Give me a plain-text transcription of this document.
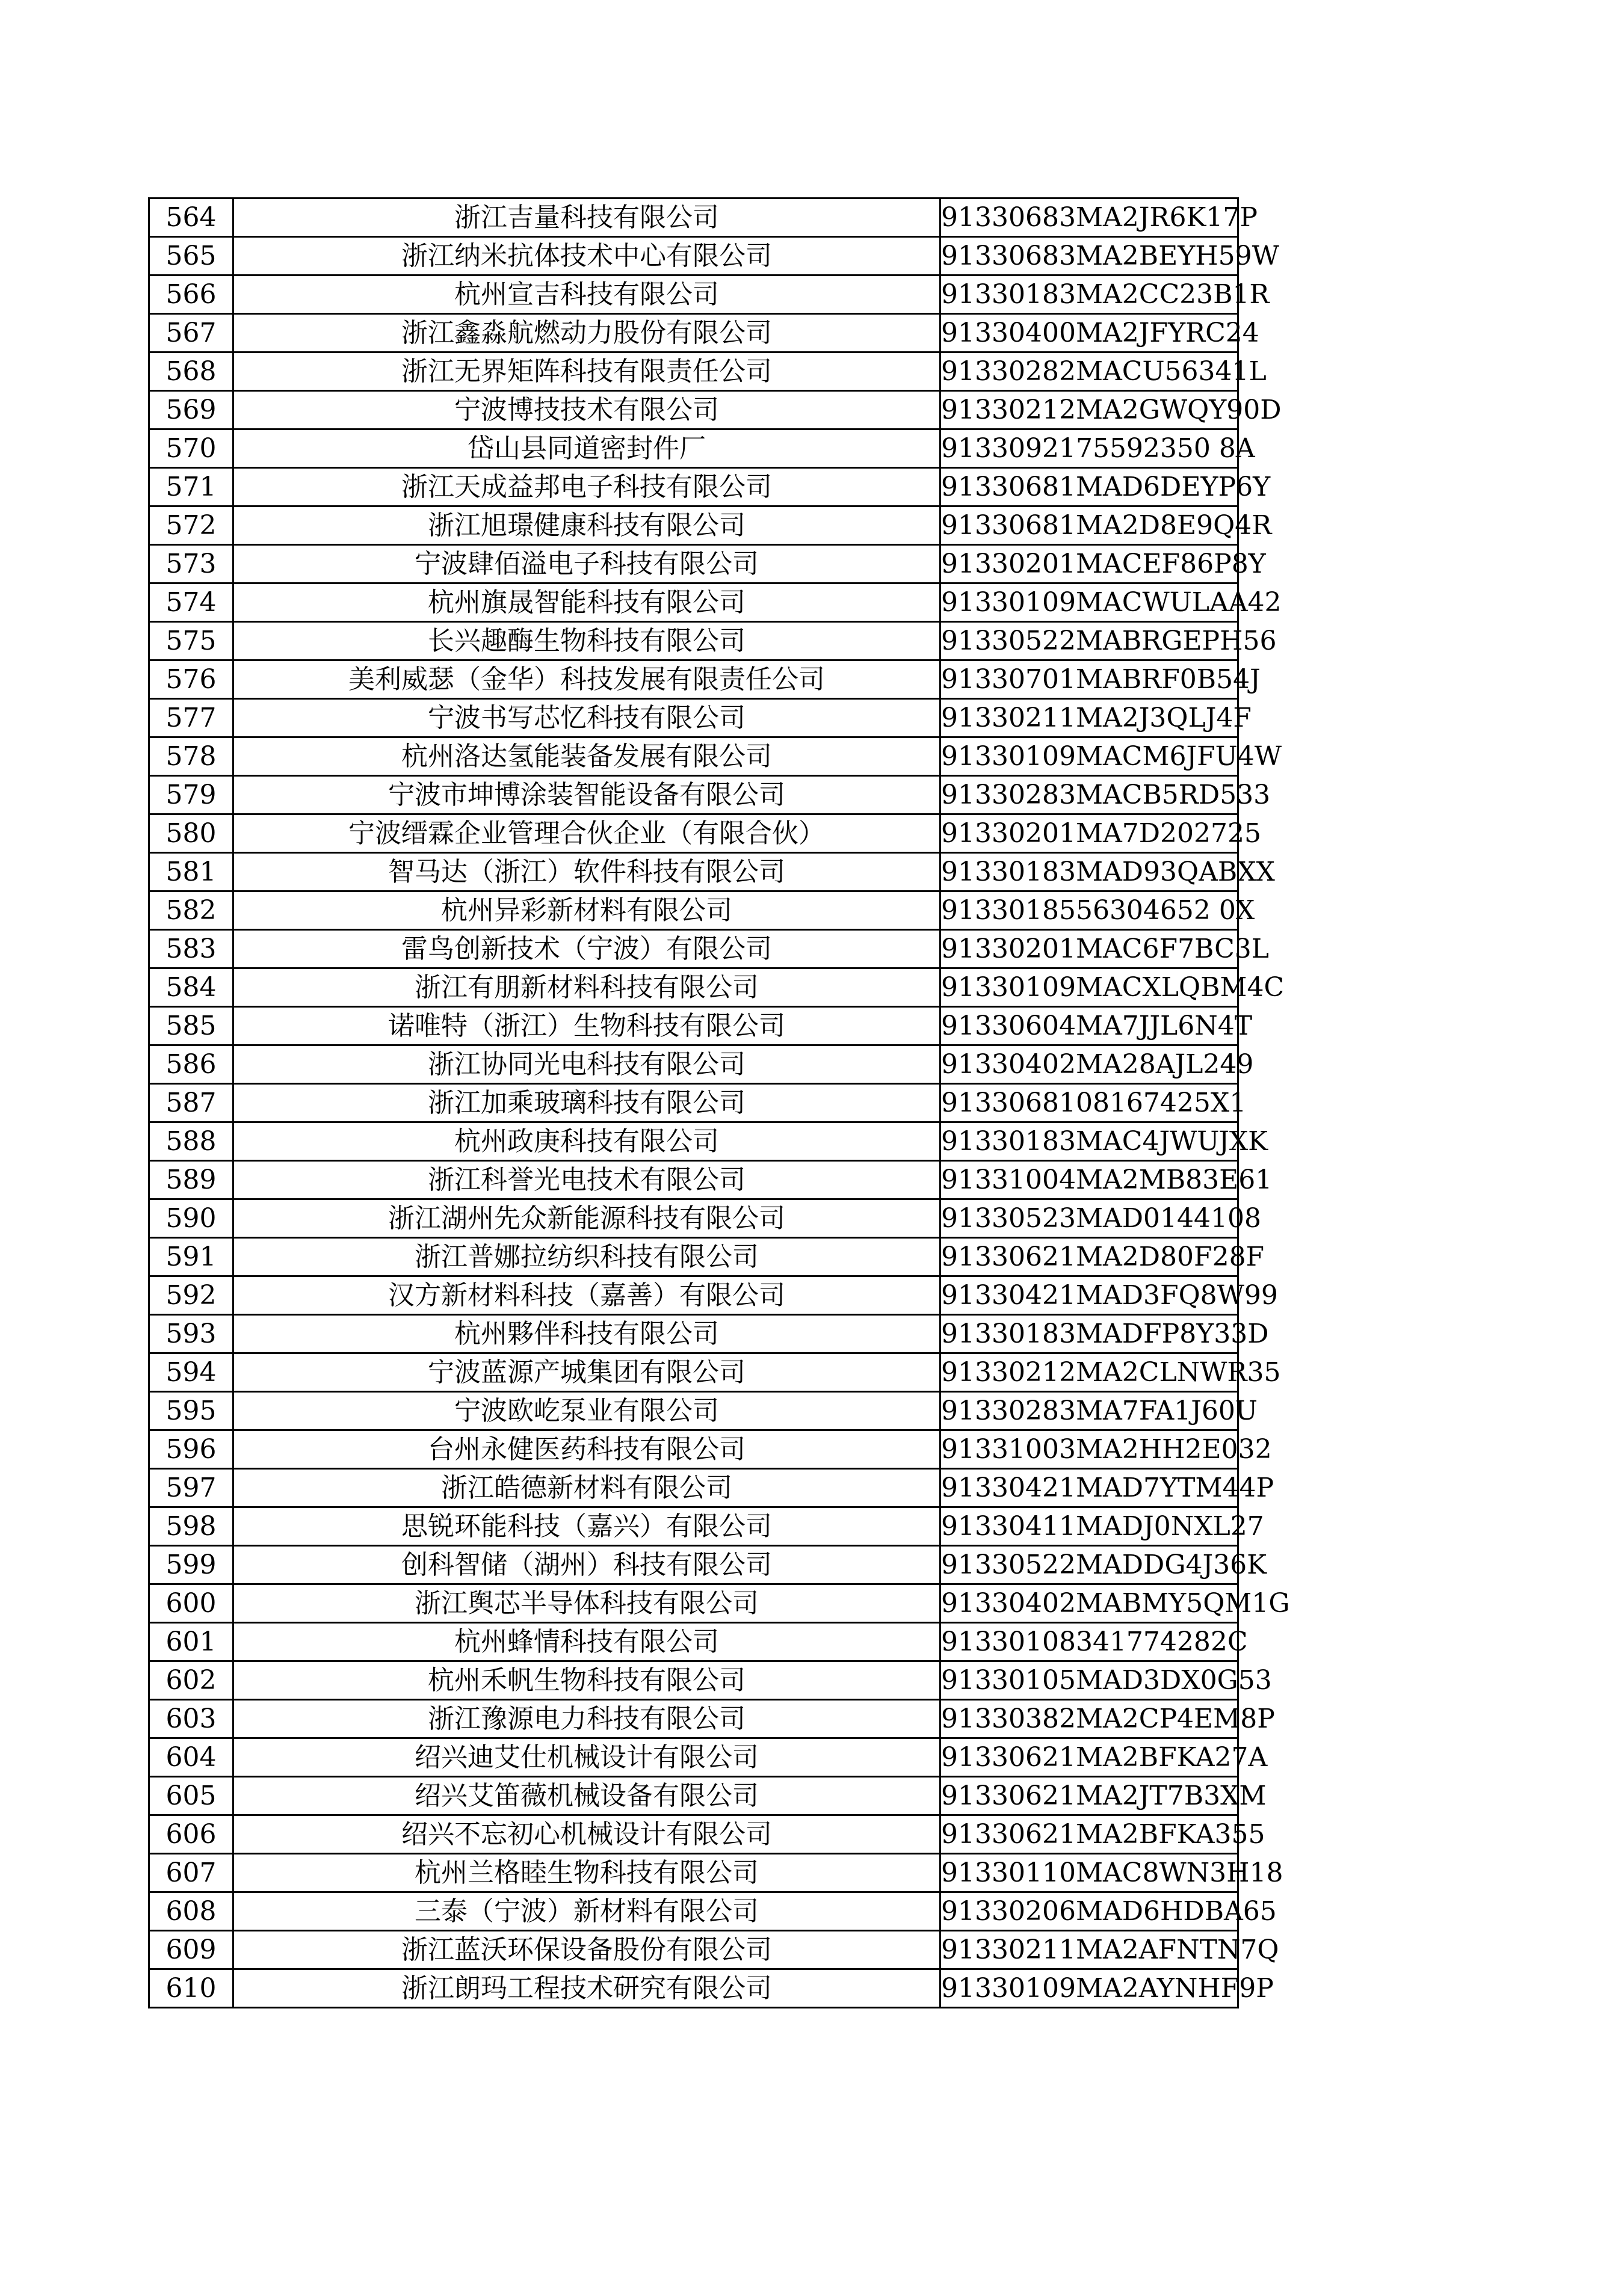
564	浙江吉量科技有限公司	91330683MA2JR6K17P
565	浙江纳米抗体技术中心有限公司	91330683MA2BEYH59W
566	杭州宣吉科技有限公司	91330183MA2CC23B1R
567	浙江鑫淼航燃动力股份有限公司	91330400MA2JFYRC24
568	浙江无界矩阵科技有限责任公司	91330282MACU56341L
569	宁波博技技术有限公司	91330212MA2GWQY90D
570	岱山县同道密封件厂	9133092175592350 8A
571	浙江天成益邦电子科技有限公司	91330681MAD6DEYP6Y
572	浙江旭璟健康科技有限公司	91330681MA2D8E9Q4R
573	宁波肆佰溢电子科技有限公司	91330201MACEF86P8Y
574	杭州旗晟智能科技有限公司	91330109MACWULAA42
575	长兴趣酶生物科技有限公司	91330522MABRGEPH56
576	美利威瑟（金华）科技发展有限责任公司	91330701MABRF0B54J
577	宁波书写芯忆科技有限公司	91330211MA2J3QLJ4F
578	杭州洛达氢能装备发展有限公司	91330109MACM6JFU4W
579	宁波市坤博涂装智能设备有限公司	91330283MACB5RD533
580	宁波缙霖企业管理合伙企业（有限合伙）	91330201MA7D202725
581	智马达（浙江）软件科技有限公司	91330183MAD93QABXX
582	杭州异彩新材料有限公司	9133018556304652 0X
583	雷鸟创新技术（宁波）有限公司	91330201MAC6F7BC3L
584	浙江有朋新材料科技有限公司	91330109MACXLQBM4C
585	诺唯特（浙江）生物科技有限公司	91330604MA7JJL6N4T
586	浙江协同光电科技有限公司	91330402MA28AJL249
587	浙江加乘玻璃科技有限公司	9133068108167425X1
588	杭州政庚科技有限公司	91330183MAC4JWUJXK
589	浙江科誉光电技术有限公司	91331004MA2MB83E61
590	浙江湖州先众新能源科技有限公司	91330523MAD0144108
591	浙江普娜拉纺织科技有限公司	91330621MA2D80F28F
592	汉方新材料科技（嘉善）有限公司	91330421MAD3FQ8W99
593	杭州夥伴科技有限公司	91330183MADFP8Y33D
594	宁波蓝源产城集团有限公司	91330212MA2CLNWR35
595	宁波欧屹泵业有限公司	91330283MA7FA1J60U
596	台州永健医药科技有限公司	91331003MA2HH2E032
597	浙江皓德新材料有限公司	91330421MAD7YTM44P
598	思锐环能科技（嘉兴）有限公司	91330411MADJ0NXL27
599	创科智储（湖州）科技有限公司	91330522MADDG4J36K
600	浙江舆芯半导体科技有限公司	91330402MABMY5QM1G
601	杭州蜂情科技有限公司	91330108341774282C
602	杭州禾帆生物科技有限公司	91330105MAD3DX0G53
603	浙江豫源电力科技有限公司	91330382MA2CP4EM8P
604	绍兴迪艾仕机械设计有限公司	91330621MA2BFKA27A
605	绍兴艾笛薇机械设备有限公司	91330621MA2JT7B3XM
606	绍兴不忘初心机械设计有限公司	91330621MA2BFKA355
607	杭州兰格睦生物科技有限公司	91330110MAC8WN3H18
608	三泰（宁波）新材料有限公司	91330206MAD6HDBA65
609	浙江蓝沃环保设备股份有限公司	91330211MA2AFNTN7Q
610	浙江朗玛工程技术研究有限公司	91330109MA2AYNHF9P
